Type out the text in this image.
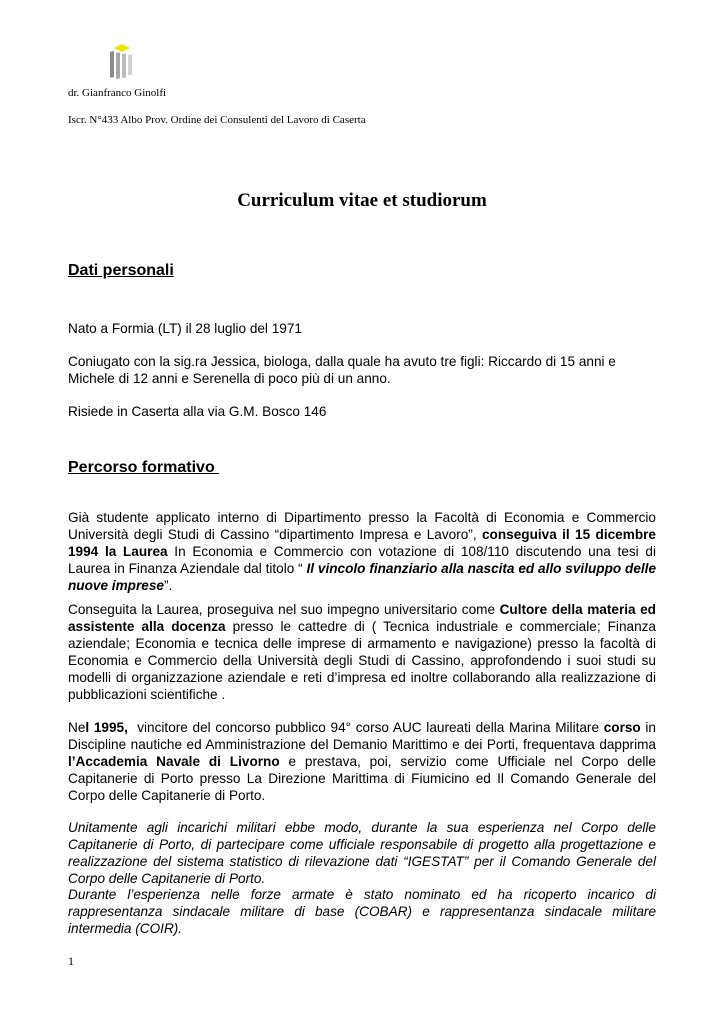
dr. Gianfranco Ginolfi
Iscr. N°433 Albo Prov. Ordine dei Consulenti del Lavoro di Caserta
Curriculum vitae et studiorum
Dati personali
Nato a Formia (LT) il 28 luglio del 1971
Coniugato con la sig.ra Jessica, biologa, dalla quale ha avuto tre figli: Riccardo di 15 anni e Michele di 12 anni e Serenella di poco più di un anno.
Risiede in Caserta alla via G.M. Bosco 146
Percorso formativo
Già studente applicato interno di Dipartimento presso la Facoltà di Economia e Commercio Università degli Studi di Cassino “dipartimento Impresa e Lavoro”, conseguiva il 15 dicembre 1994 la Laurea In Economia e Commercio con votazione di 108/110 discutendo una tesi di Laurea in Finanza Aziendale dal titolo “ Il vincolo finanziario alla nascita ed allo sviluppo delle nuove imprese”.
Conseguita la Laurea, proseguiva nel suo impegno universitario come Cultore della materia ed assistente alla docenza presso le cattedre di ( Tecnica industriale e commerciale; Finanza aziendale; Economia e tecnica delle imprese di armamento e navigazione) presso la facoltà di Economia e Commercio della Università degli Studi di Cassino, approfondendo i suoi studi su modelli di organizzazione aziendale e reti d’impresa ed inoltre collaborando alla realizzazione di pubblicazioni scientifiche .
Nel 1995,  vincitore del concorso pubblico 94° corso AUC laureati della Marina Militare corso in Discipline nautiche ed Amministrazione del Demanio Marittimo e dei Porti, frequentava dapprima l’Accademia Navale di Livorno e prestava, poi, servizio come Ufficiale nel Corpo delle Capitanerie di Porto presso La Direzione Marittima di Fiumicino ed Il Comando Generale del Corpo delle Capitanerie di Porto.
Unitamente agli incarichi militari ebbe modo, durante la sua esperienza nel Corpo delle Capitanerie di Porto, di partecipare come ufficiale responsabile di progetto alla progettazione e realizzazione del sistema statistico di rilevazione dati “IGESTAT” per il Comando Generale del Corpo delle Capitanerie di Porto.
Durante l’esperienza nelle forze armate è stato nominato ed ha ricoperto incarico di rappresentanza sindacale militare di base (COBAR) e rappresentanza sindacale militare intermedia (COIR).
1
